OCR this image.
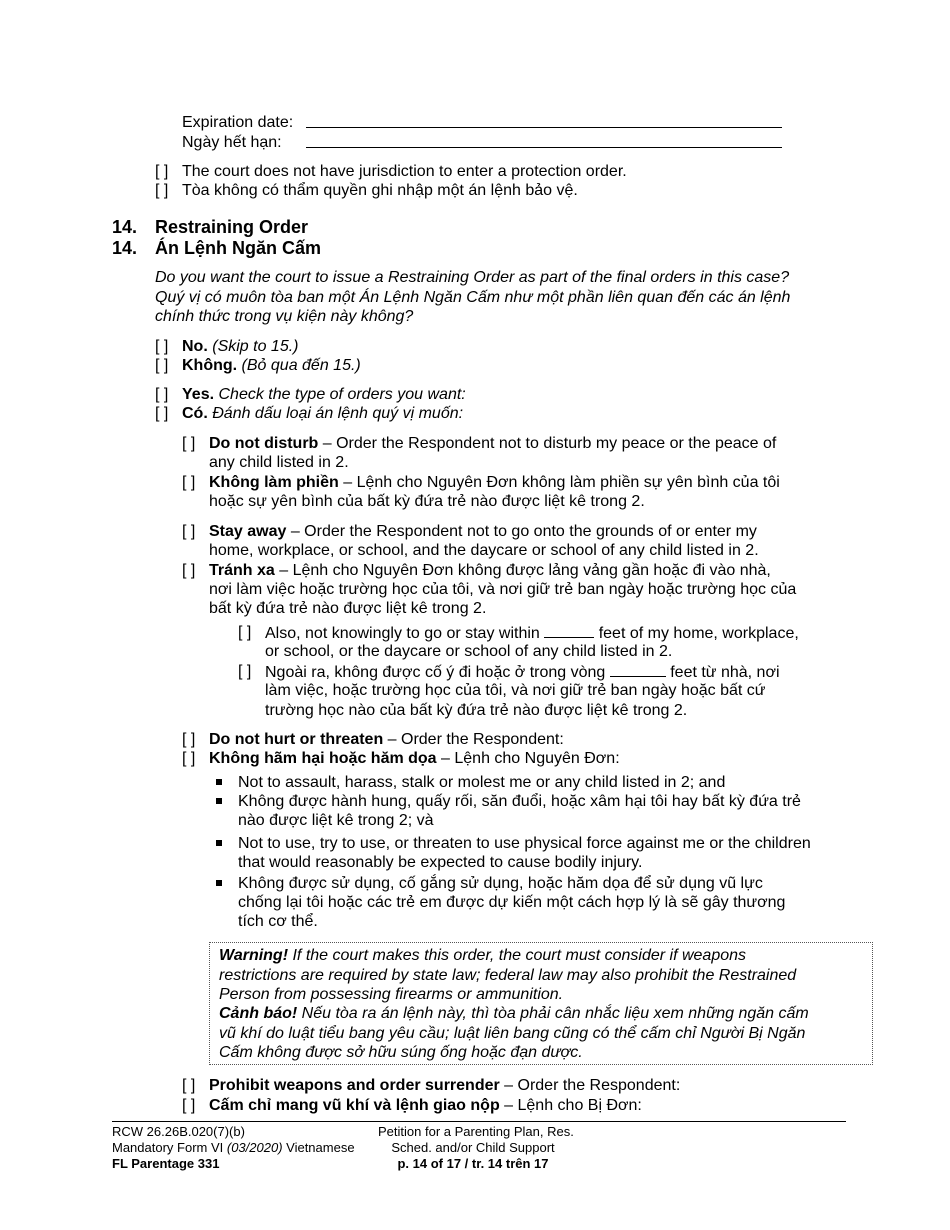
Expiration date:
Ngày hết hạn:
[ ] The court does not have jurisdiction to enter a protection order.
[ ] Tòa không có thẩm quyền ghi nhập một án lệnh bảo vệ.
14. Restraining Order
14. Án Lệnh Ngăn Cấm
Do you want the court to issue a Restraining Order as part of the final orders in this case?
Quý vị có muôn tòa ban một Án Lệnh Ngăn Cấm như một phần liên quan đến các án lệnh
chính thức trong vụ kiện này không?
[ ] No. (Skip to 15.)
[ ] Không. (Bỏ qua đến 15.)
[ ] Yes. Check the type of orders you want:
[ ] Có. Đánh dấu loại án lệnh quý vị muốn:
[ ] Do not disturb – Order the Respondent not to disturb my peace or the peace of
any child listed in 2.
[ ] Không làm phiền – Lệnh cho Nguyên Đơn không làm phiền sự yên bình của tôi
hoặc sự yên bình của bất kỳ đứa trẻ nào được liệt kê trong 2.
[ ] Stay away – Order the Respondent not to go onto the grounds of or enter my
home, workplace, or school, and the daycare or school of any child listed in 2.
[ ] Tránh xa – Lệnh cho Nguyên Đơn không được lảng vảng gần hoặc đi vào nhà,
nơi làm việc hoặc trường học của tôi, và nơi giữ trẻ ban ngày hoặc trường học của
bất kỳ đứa trẻ nào được liệt kê trong 2.
[ ] Also, not knowingly to go or stay within	feet of my home, workplace,
or school, or the daycare or school of any child listed in 2.
[ ] Ngoài ra, không được cố ý đi hoặc ở trong vòng	feet từ nhà, nơi
làm việc, hoặc trường học của tôi, và nơi giữ trẻ ban ngày hoặc bất cứ
trường học nào của bất kỳ đứa trẻ nào được liệt kê trong 2.
[ ] Do not hurt or threaten – Order the Respondent:
[ ] Không hãm hại hoặc hăm dọa – Lệnh cho Nguyên Đơn:
Not to assault, harass, stalk or molest me or any child listed in 2; and
Không được hành hung, quấy rối, săn đuổi, hoặc xâm hại tôi hay bất kỳ đứa trẻ
nào được liệt kê trong 2; và
Not to use, try to use, or threaten to use physical force against me or the children
that would reasonably be expected to cause bodily injury.
Không được sử dụng, cố gắng sử dụng, hoặc hăm dọa để sử dụng vũ lực
chống lại tôi hoặc các trẻ em được dự kiến một cách hợp lý là sẽ gây thương
tích cơ thể.
Warning! If the court makes this order, the court must consider if weapons
restrictions are required by state law; federal law may also prohibit the Restrained
Person from possessing firearms or ammunition.
Cảnh báo! Nếu tòa ra án lệnh này, thì tòa phải cân nhắc liệu xem những ngăn cấm
vũ khí do luật tiểu bang yêu cầu; luật liên bang cũng có thể cấm chỉ Người Bị Ngăn
Cấm không được sở hữu súng ống hoặc đạn dược.
[ ] Prohibit weapons and order surrender – Order the Respondent:
[ ] Cấm chỉ mang vũ khí và lệnh giao nộp – Lệnh cho Bị Đơn:
RCW 26.26B.020(7)(b)
Mandatory Form VI (03/2020) Vietnamese
FL Parentage 331
Petition for a Parenting Plan, Res.
Sched. and/or Child Support
p. 14 of 17 / tr. 14 trên 17
